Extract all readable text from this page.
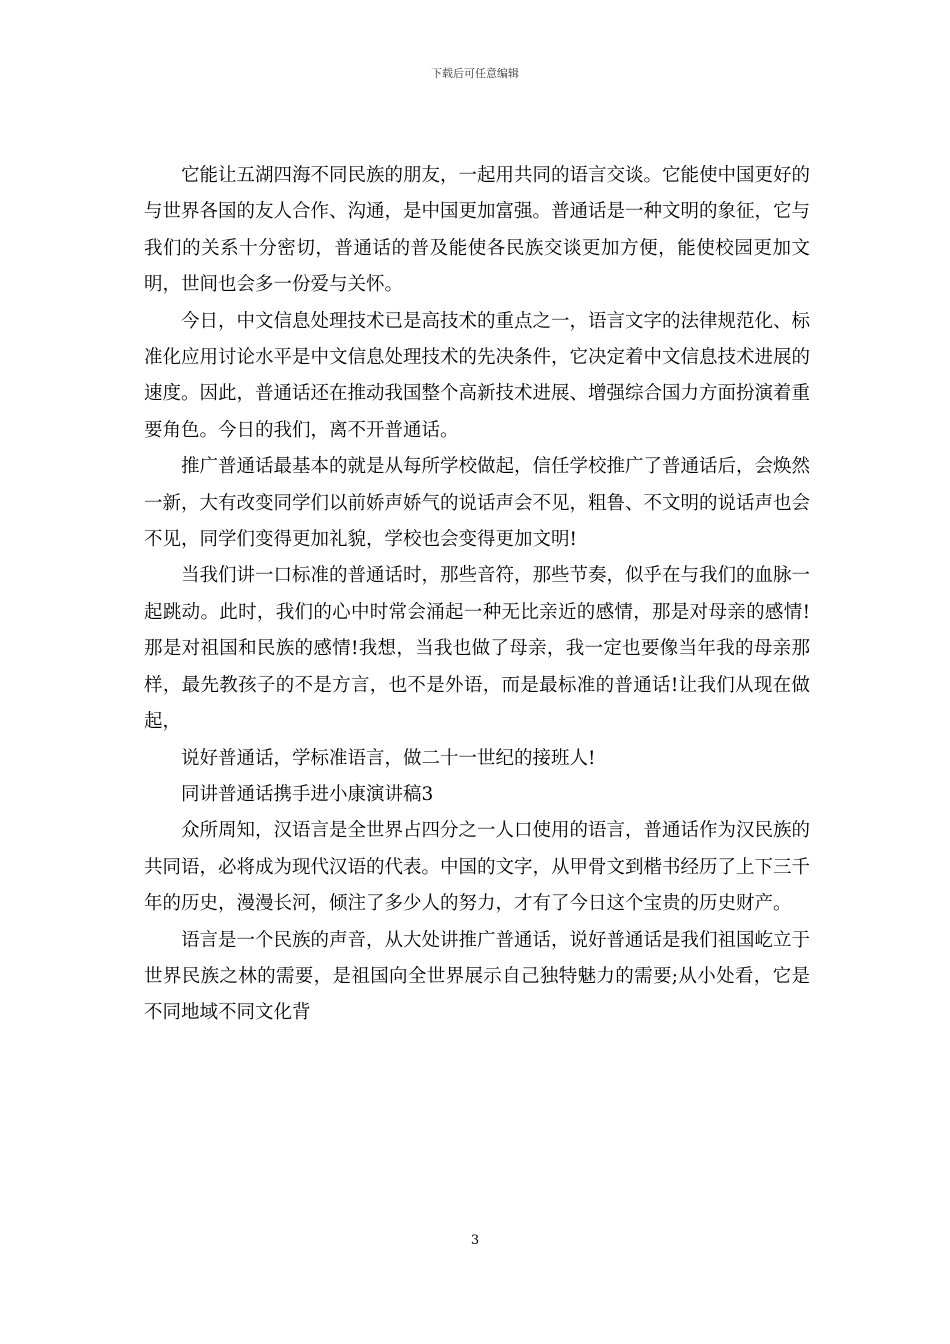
下载后可任意编辑

它能让五湖四海不同民族的朋友，一起用共同的语言交谈。它能使中国更好的与世界各国的友人合作、沟通，是中国更加富强。普通话是一种文明的象征，它与我们的关系十分密切，普通话的普及能使各民族交谈更加方便，能使校园更加文明，世间也会多一份爱与关怀。

今日，中文信息处理技术已是高技术的重点之一，语言文字的法律规范化、标准化应用讨论水平是中文信息处理技术的先决条件，它决定着中文信息技术进展的速度。因此，普通话还在推动我国整个高新技术进展、增强综合国力方面扮演着重要角色。今日的我们，离不开普通话。

推广普通话最基本的就是从每所学校做起，信任学校推广了普通话后，会焕然一新，大有改变同学们以前娇声娇气的说话声会不见，粗鲁、不文明的说话声也会不见，同学们变得更加礼貌，学校也会变得更加文明!

当我们讲一口标准的普通话时，那些音符，那些节奏，似乎在与我们的血脉一起跳动。此时，我们的心中时常会涌起一种无比亲近的感情，那是对母亲的感情!那是对祖国和民族的感情!我想，当我也做了母亲，我一定也要像当年我的母亲那样，最先教孩子的不是方言，也不是外语，而是最标准的普通话!让我们从现在做起，

说好普通话，学标准语言，做二十一世纪的接班人!

同讲普通话携手进小康演讲稿3

众所周知，汉语言是全世界占四分之一人口使用的语言，普通话作为汉民族的共同语，必将成为现代汉语的代表。中国的文字，从甲骨文到楷书经历了上下三千年的历史，漫漫长河，倾注了多少人的努力，才有了今日这个宝贵的历史财产。

语言是一个民族的声音，从大处讲推广普通话，说好普通话是我们祖国屹立于世界民族之林的需要，是祖国向全世界展示自己独特魅力的需要;从小处看，它是不同地域不同文化背

3
